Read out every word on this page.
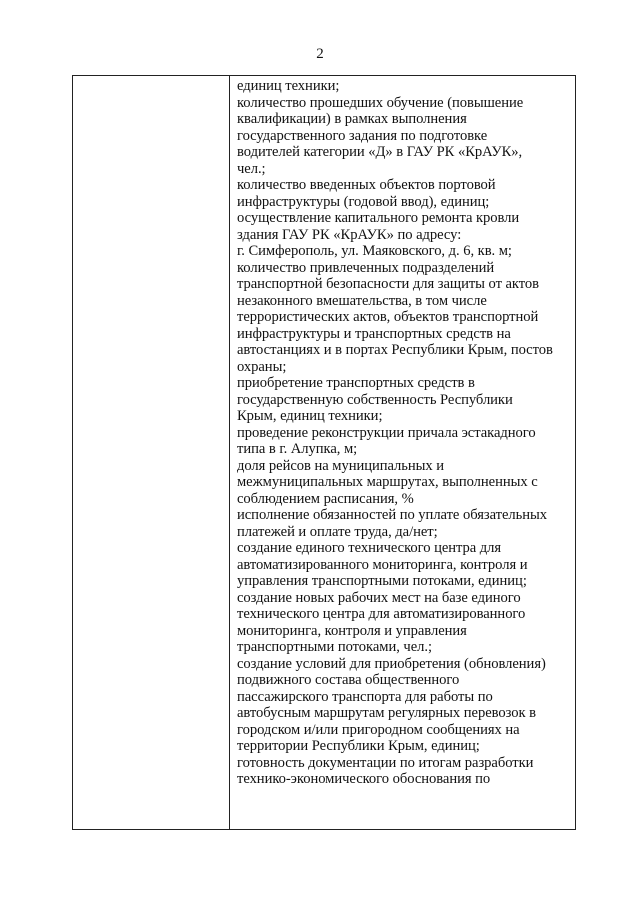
2
единиц техники;
количество прошедших обучение (повышение
квалификации) в рамках выполнения
государственного задания по подготовке
водителей категории «Д» в ГАУ РК «КрАУК»,
чел.;
количество введенных объектов портовой
инфраструктуры (годовой ввод), единиц;
осуществление капитального ремонта кровли
здания ГАУ РК «КрАУК» по адресу:
г. Симферополь, ул. Маяковского, д. 6, кв. м;
количество привлеченных подразделений
транспортной безопасности для защиты от актов
незаконного вмешательства, в том числе
террористических актов, объектов транспортной
инфраструктуры и транспортных средств на
автостанциях и в портах Республики Крым, постов
охраны;
приобретение транспортных средств в
государственную собственность Республики
Крым, единиц техники;
проведение реконструкции причала эстакадного
типа в г. Алупка, м;
доля рейсов на муниципальных и
межмуниципальных маршрутах, выполненных с
соблюдением расписания, %
исполнение обязанностей по уплате обязательных
платежей и оплате труда, да/нет;
создание единого технического центра для
автоматизированного мониторинга, контроля и
управления транспортными потоками, единиц;
создание новых рабочих мест на базе единого
технического центра для автоматизированного
мониторинга, контроля и управления
транспортными потоками, чел.;
создание условий для приобретения (обновления)
подвижного состава общественного
пассажирского транспорта для работы по
автобусным маршрутам регулярных перевозок в
городском и/или пригородном сообщениях на
территории Республики Крым, единиц;
готовность документации по итогам разработки
технико-экономического обоснования по
